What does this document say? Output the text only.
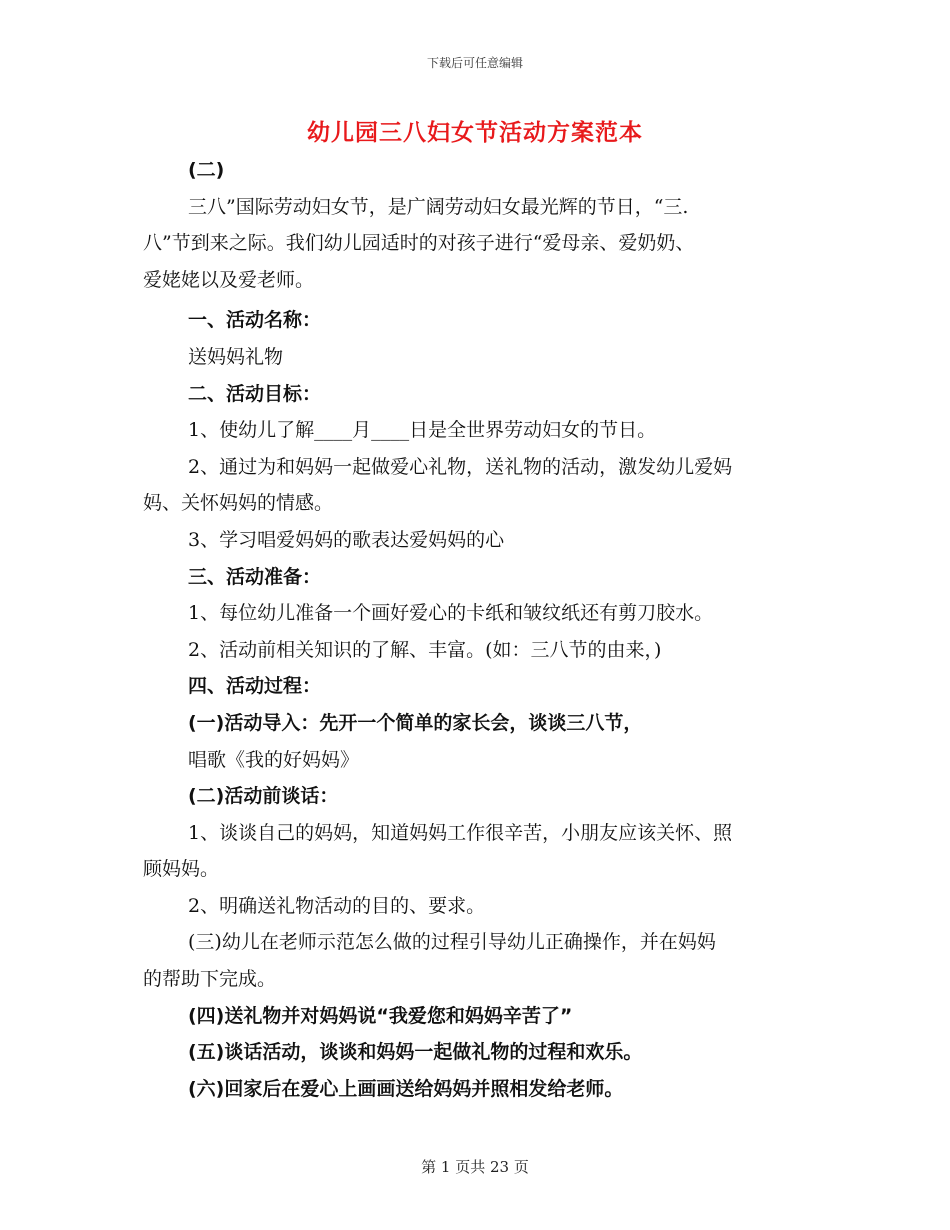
下载后可任意编辑
幼儿园三八妇女节活动方案范本
(二)
三八”国际劳动妇女节，是广阔劳动妇女最光辉的节日，“三.
八”节到来之际。我们幼儿园适时的对孩子进行“爱母亲、爱奶奶、
爱姥姥以及爱老师。
一、活动名称：
送妈妈礼物
二、活动目标：
1、使幼儿了解____月____日是全世界劳动妇女的节日。
2、通过为和妈妈一起做爱心礼物，送礼物的活动，激发幼儿爱妈
妈、关怀妈妈的情感。
3、学习唱爱妈妈的歌表达爱妈妈的心
三、活动准备：
1、每位幼儿准备一个画好爱心的卡纸和皱纹纸还有剪刀胶水。
2、活动前相关知识的了解、丰富。(如：三八节的由来，)
四、活动过程：
(一)活动导入：先开一个简单的家长会，谈谈三八节，
唱歌《我的好妈妈》
(二)活动前谈话：
1、谈谈自己的妈妈，知道妈妈工作很辛苦，小朋友应该关怀、照
顾妈妈。
2、明确送礼物活动的目的、要求。
(三)幼儿在老师示范怎么做的过程引导幼儿正确操作，并在妈妈
的帮助下完成。
(四)送礼物并对妈妈说“我爱您和妈妈辛苦了”
(五)谈话活动，谈谈和妈妈一起做礼物的过程和欢乐。
(六)回家后在爱心上画画送给妈妈并照相发给老师。
第 1 页共 23 页
